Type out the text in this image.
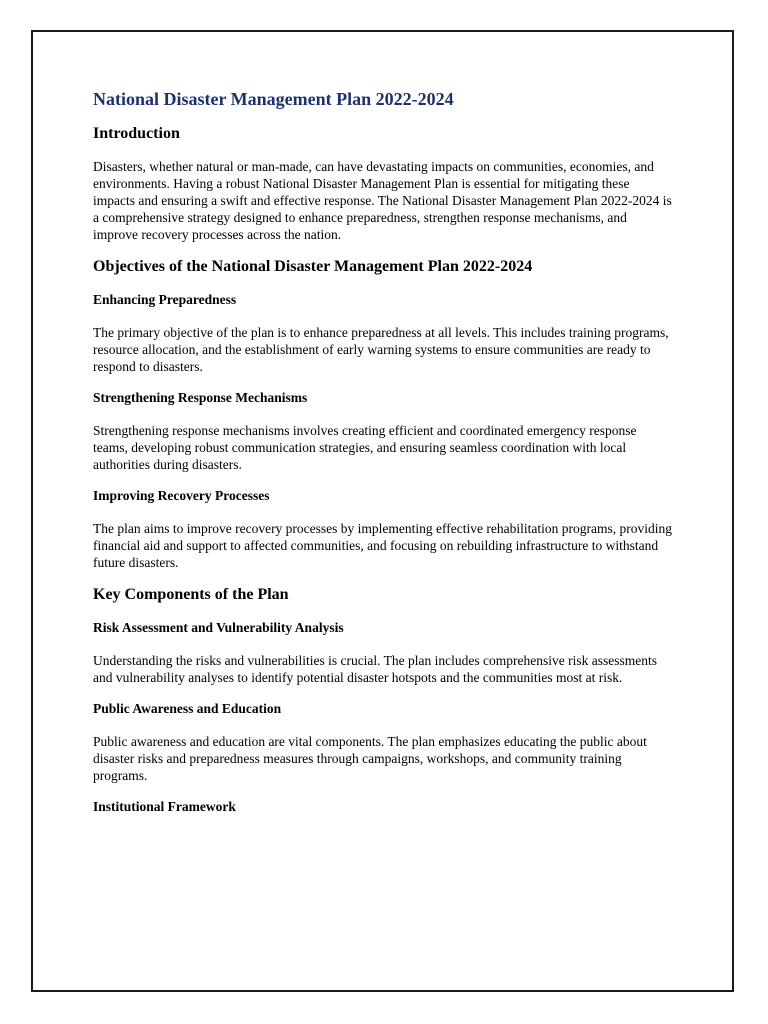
National Disaster Management Plan 2022-2024
Introduction

Disasters, whether natural or man-made, can have devastating impacts on communities, economies, and environments. Having a robust National Disaster Management Plan is essential for mitigating these impacts and ensuring a swift and effective response. The National Disaster Management Plan 2022-2024 is a comprehensive strategy designed to enhance preparedness, strengthen response mechanisms, and improve recovery processes across the nation.

Objectives of the National Disaster Management Plan 2022-2024
Enhancing Preparedness

The primary objective of the plan is to enhance preparedness at all levels. This includes training programs, resource allocation, and the establishment of early warning systems to ensure communities are ready to respond to disasters.

Strengthening Response Mechanisms

Strengthening response mechanisms involves creating efficient and coordinated emergency response teams, developing robust communication strategies, and ensuring seamless coordination with local authorities during disasters.

Improving Recovery Processes

The plan aims to improve recovery processes by implementing effective rehabilitation programs, providing financial aid and support to affected communities, and focusing on rebuilding infrastructure to withstand future disasters.

Key Components of the Plan
Risk Assessment and Vulnerability Analysis

Understanding the risks and vulnerabilities is crucial. The plan includes comprehensive risk assessments and vulnerability analyses to identify potential disaster hotspots and the communities most at risk.

Public Awareness and Education

Public awareness and education are vital components. The plan emphasizes educating the public about disaster risks and preparedness measures through campaigns, workshops, and community training programs.

Institutional Framework
